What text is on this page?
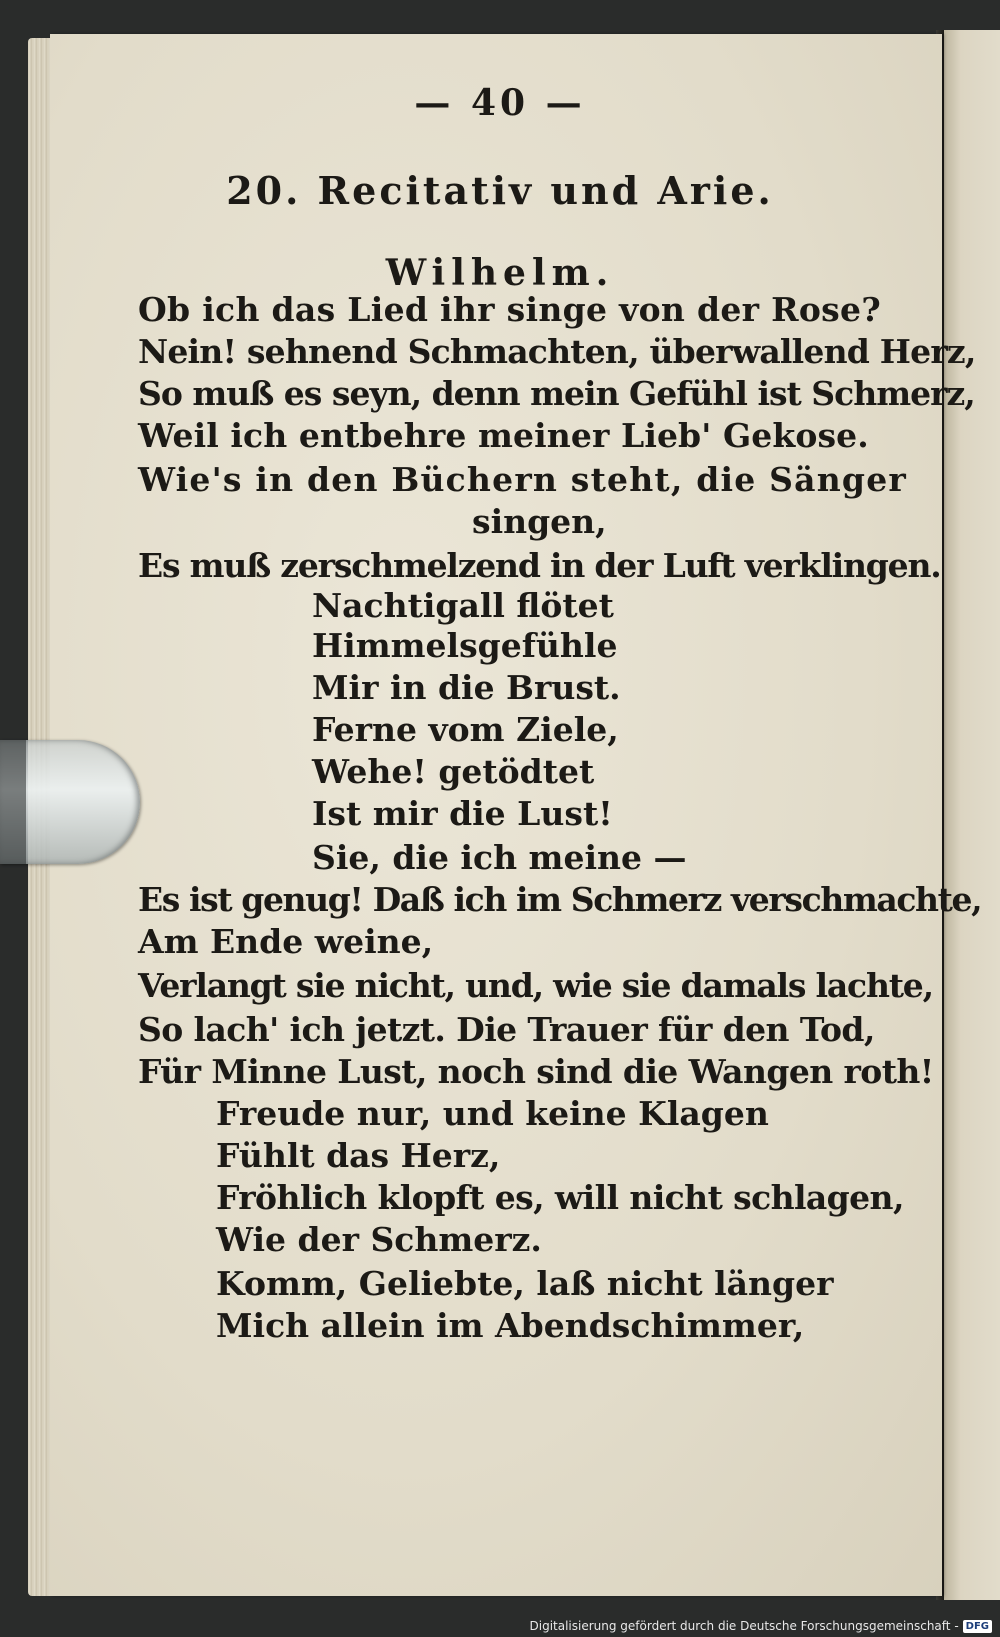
— 40 —
20. Recitativ und Arie.
Wilhelm.
Ob ich das Lied ihr singe von der Rose?
Nein! sehnend Schmachten, überwallend Herz,
So muß es seyn, denn mein Gefühl ist Schmerz,
Weil ich entbehre meiner Lieb' Gekose.
Wie's in den Büchern steht, die Sänger
singen,
Es muß zerschmelzend in der Luft verklingen.
Nachtigall flötet
Himmelsgefühle
Mir in die Brust.
Ferne vom Ziele,
Wehe! getödtet
Ist mir die Lust!
Sie, die ich meine —
Es ist genug! Daß ich im Schmerz verschmachte,
Am Ende weine,
Verlangt sie nicht, und, wie sie damals lachte,
So lach' ich jetzt. Die Trauer für den Tod,
Für Minne Lust, noch sind die Wangen roth!
Freude nur, und keine Klagen
Fühlt das Herz,
Fröhlich klopft es, will nicht schlagen,
Wie der Schmerz.
Komm, Geliebte, laß nicht länger
Mich allein im Abendschimmer,
Digitalisierung gefördert durch die Deutsche Forschungsgemeinschaft - DFG
